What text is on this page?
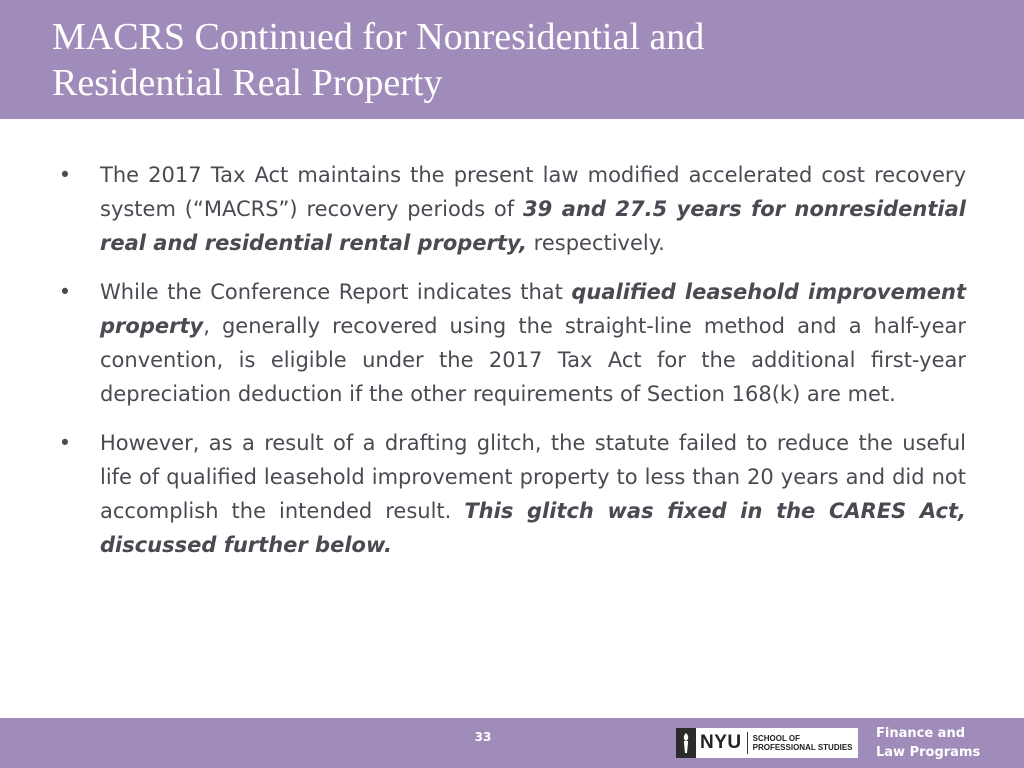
MACRS Continued for Nonresidential and
Residential Real Property
• The 2017 Tax Act maintains the present law modified accelerated cost recovery system (“MACRS”) recovery periods of 39 and 27.5 years for nonresidential real and residential rental property, respectively.
• While the Conference Report indicates that qualified leasehold improvement property, generally recovered using the straight-line method and a half-year convention, is eligible under the 2017 Tax Act for the additional first-year depreciation deduction if the other requirements of Section 168(k) are met.
• However, as a result of a drafting glitch, the statute failed to reduce the useful life of qualified leasehold improvement property to less than 20 years and did not accomplish the intended result. This glitch was fixed in the CARES Act, discussed further below.
33	NYU SCHOOL OF
PROFESSIONAL STUDIES
Finance and
Law Programs
